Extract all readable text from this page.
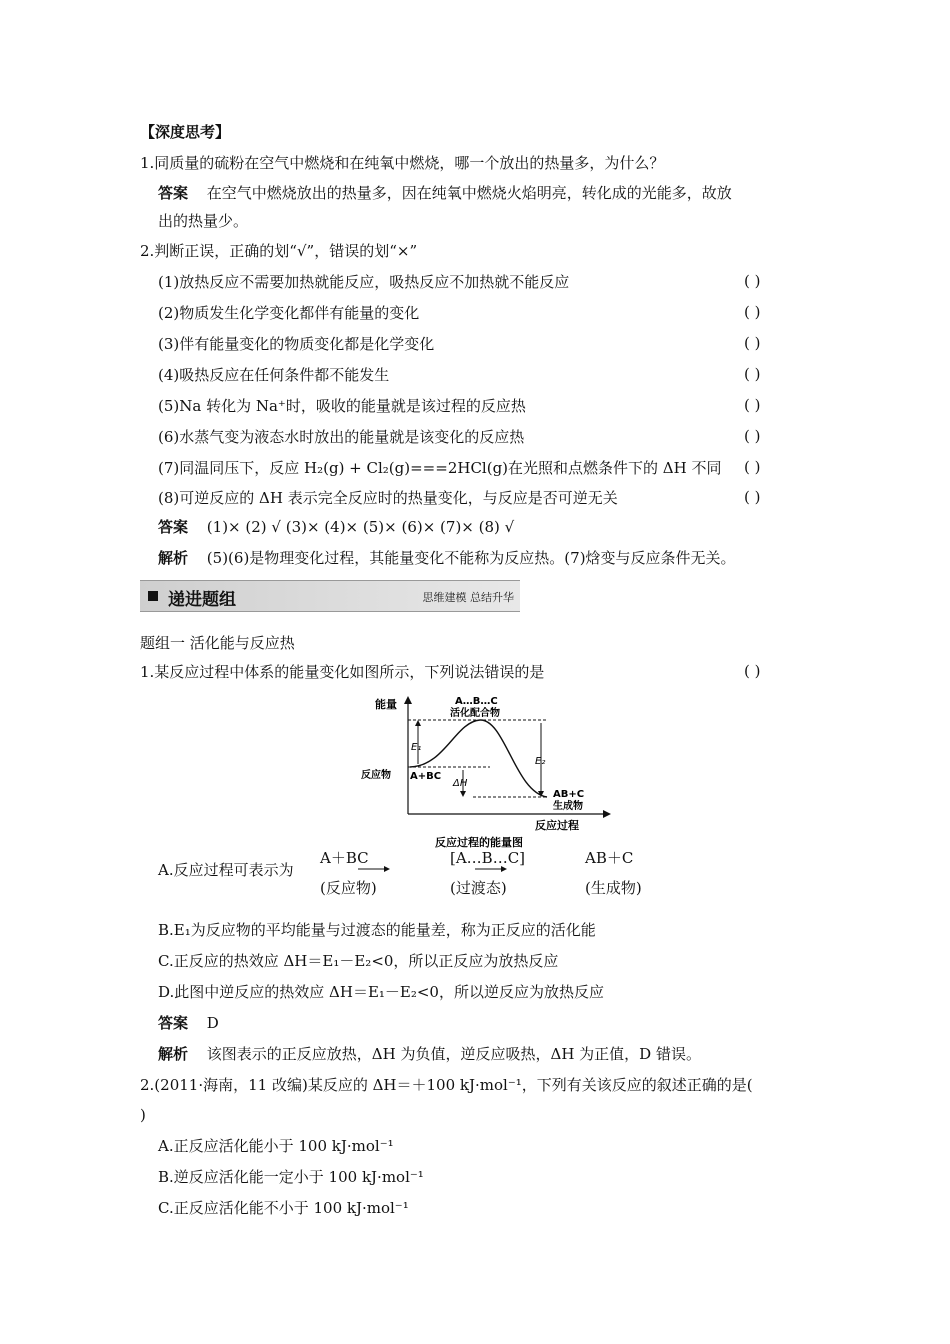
【深度思考】
1.同质量的硫粉在空气中燃烧和在纯氧中燃烧，哪一个放出的热量多，为什么？
答案 在空气中燃烧放出的热量多，因在纯氧中燃烧火焰明亮，转化成的光能多，故放
出的热量少。
2.判断正误，正确的划“√”，错误的划“×”
(1)放热反应不需要加热就能反应，吸热反应不加热就不能反应	( )
(2)物质发生化学变化都伴有能量的变化	( )
(3)伴有能量变化的物质变化都是化学变化	( )
(4)吸热反应在任何条件都不能发生	( )
(5)Na 转化为 Na⁺时，吸收的能量就是该过程的反应热	( )
(6)水蒸气变为液态水时放出的能量就是该变化的反应热	( )
(7)同温同压下，反应 H₂(g) + Cl₂(g)===2HCl(g)在光照和点燃条件下的 ΔH 不同 ( )
(8)可逆反应的 ΔH 表示完全反应时的热量变化，与反应是否可逆无关	( )
答案 (1)× (2) √ (3)× (4)× (5)× (6)× (7)× (8) √
解析 (5)(6)是物理变化过程，其能量变化不能称为反应热。(7)焓变与反应条件无关。
递进题组	思维建模 总结升华
题组一 活化能与反应热
1.某反应过程中体系的能量变化如图所示，下列说法错误的是	( )
能量	A…B…C
活化配合物
反应物 A+BC
AB+C
生成物
E₁
E₂
ΔH
反应过程
反应过程的能量图
A.反应过程可表示为
A＋BC
(反应物)
[A…B…C]
(过渡态)
AB＋C
(生成物)
B.E₁为反应物的平均能量与过渡态的能量差，称为正反应的活化能
C.正反应的热效应 ΔH＝E₁－E₂<0，所以正反应为放热反应
D.此图中逆反应的热效应 ΔH＝E₁－E₂<0，所以逆反应为放热反应
答案 D
解析 该图表示的正反应放热，ΔH 为负值，逆反应吸热，ΔH 为正值，D 错误。
2.(2011·海南，11 改编)某反应的 ΔH＝＋100 kJ·mol⁻¹，下列有关该反应的叙述正确的是(
)
A.正反应活化能小于 100 kJ·mol⁻¹
B.逆反应活化能一定小于 100 kJ·mol⁻¹
C.正反应活化能不小于 100 kJ·mol⁻¹
